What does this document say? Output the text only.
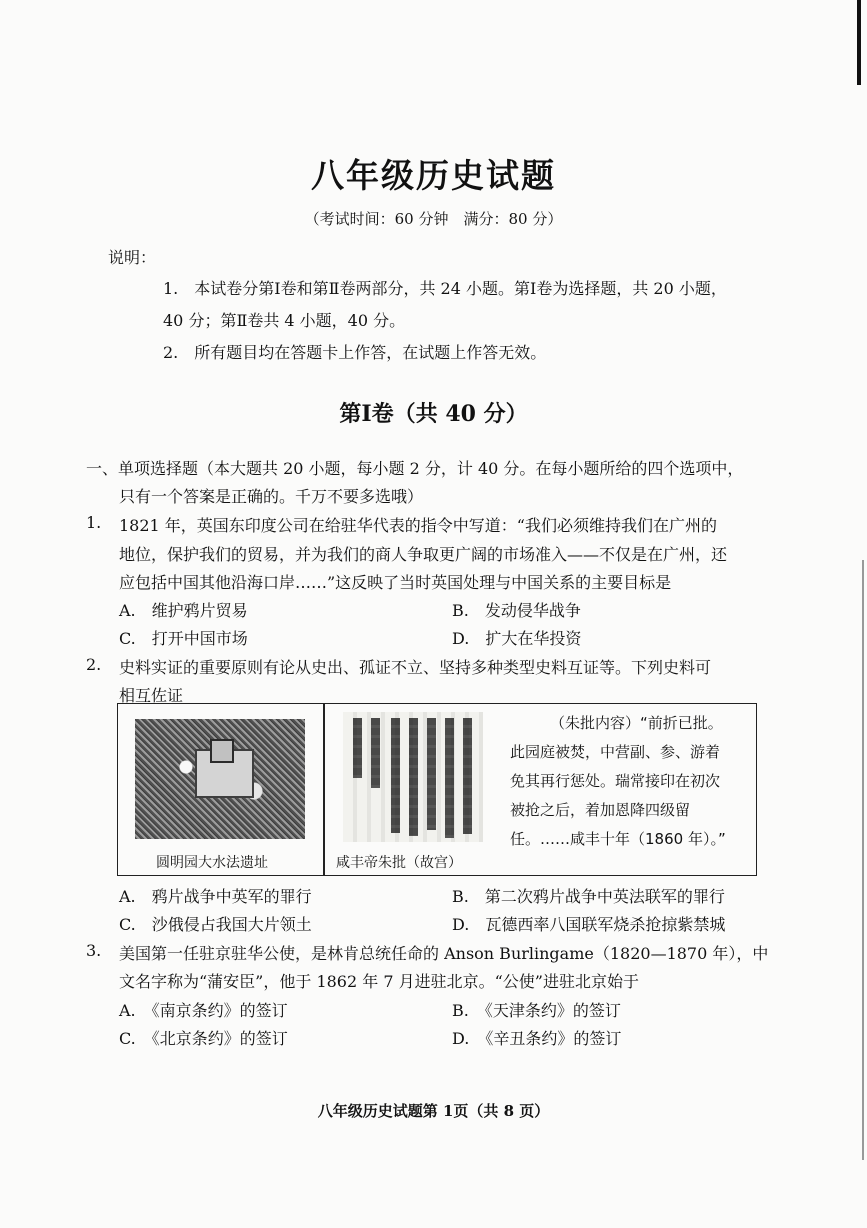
八年级历史试题
（考试时间：60 分钟　满分：80 分）
说明：
1.　本试卷分第Ⅰ卷和第Ⅱ卷两部分，共 24 小题。第Ⅰ卷为选择题，共 20 小题，
40 分；第Ⅱ卷共 4 小题，40 分。
2.　所有题目均在答题卡上作答，在试题上作答无效。
第Ⅰ卷（共 40 分）
一、单项选择题（本大题共 20 小题，每小题 2 分，计 40 分。在每小题所给的四个选项中，
只有一个答案是正确的。千万不要多选哦）
1. 1821 年，英国东印度公司在给驻华代表的指令中写道：“我们必须维持我们在广州的
地位，保护我们的贸易，并为我们的商人争取更广阔的市场准入——不仅是在广州，还
应包括中国其他沿海口岸……”这反映了当时英国处理与中国关系的主要目标是
A.　维护鸦片贸易	B.　发动侵华战争
C.　打开中国市场	D.　扩大在华投资
2. 史料实证的重要原则有论从史出、孤证不立、坚持多种类型史料互证等。下列史料可
相互佐证
圆明园大水法遗址	咸丰帝朱批（故宫）
（朱批内容）“前折已批。
此园庭被焚，中营副、参、游着
免其再行惩处。瑞常接印在初次
被抢之后，着加恩降四级留
任。……咸丰十年（1860 年）。”
A.　鸦片战争中英军的罪行	B.　第二次鸦片战争中英法联军的罪行
C.　沙俄侵占我国大片领土	D.　瓦德西率八国联军烧杀抢掠紫禁城
3. 美国第一任驻京驻华公使，是林肯总统任命的 Anson Burlingame（1820—1870 年），中
文名字称为“蒲安臣”，他于 1862 年 7 月进驻北京。“公使”进驻北京始于
A.　《南京条约》的签订	B.　《天津条约》的签订
C.　《北京条约》的签订	D.　《辛丑条约》的签订
八年级历史试题第 1页（共 8 页）
